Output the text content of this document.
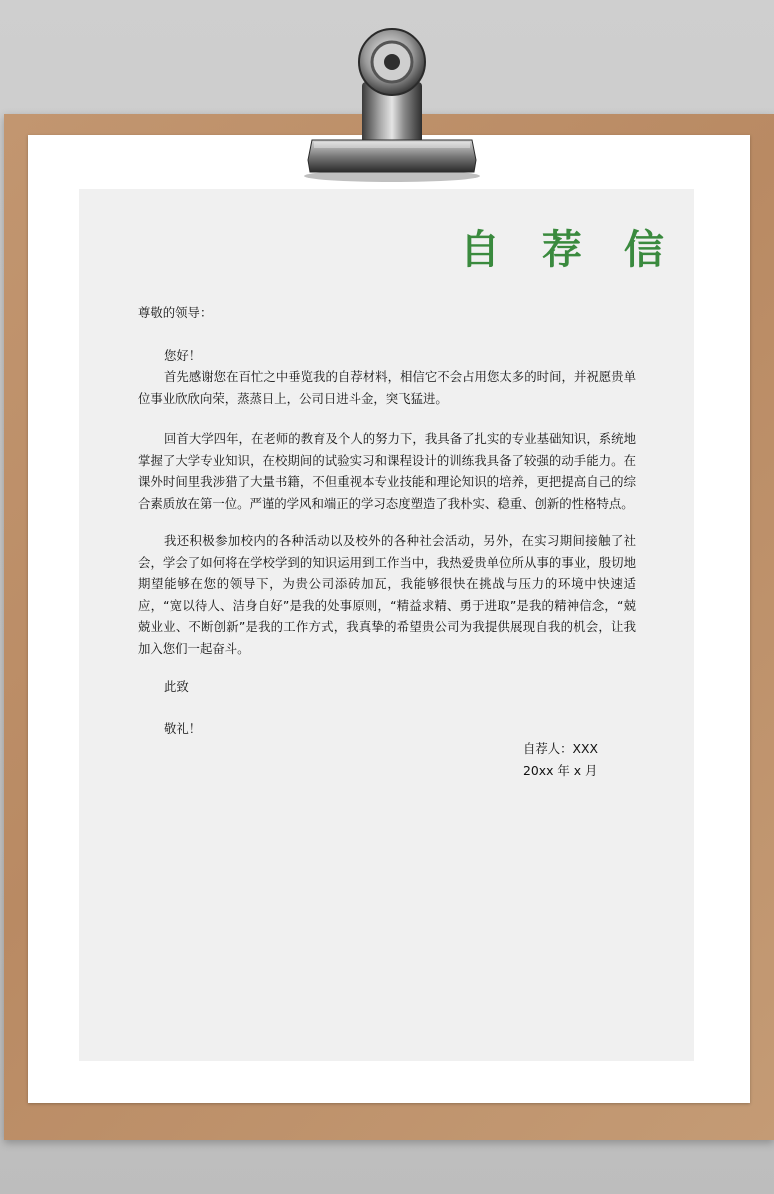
自 荐 信

尊敬的领导：

您好！

首先感谢您在百忙之中垂览我的自荐材料，相信它不会占用您太多的时间，并祝愿贵单位事业欣欣向荣，蒸蒸日上，公司日进斗金，突飞猛进。

回首大学四年，在老师的教育及个人的努力下，我具备了扎实的专业基础知识，系统地掌握了大学专业知识，在校期间的试验实习和课程设计的训练我具备了较强的动手能力。在课外时间里我涉猎了大量书籍，不但重视本专业技能和理论知识的培养，更把提高自己的综合素质放在第一位。严谨的学风和端正的学习态度塑造了我朴实、稳重、创新的性格特点。

我还积极参加校内的各种活动以及校外的各种社会活动，另外，在实习期间接触了社会，学会了如何将在学校学到的知识运用到工作当中，我热爱贵单位所从事的事业，殷切地期望能够在您的领导下，为贵公司添砖加瓦，我能够很快在挑战与压力的环境中快速适应，“宽以待人、洁身自好”是我的处事原则，“精益求精、勇于进取”是我的精神信念，“兢兢业业、不断创新”是我的工作方式，我真挚的希望贵公司为我提供展现自我的机会，让我加入您们一起奋斗。

此致

敬礼！

自荐人：XXX

20xx 年 x 月
